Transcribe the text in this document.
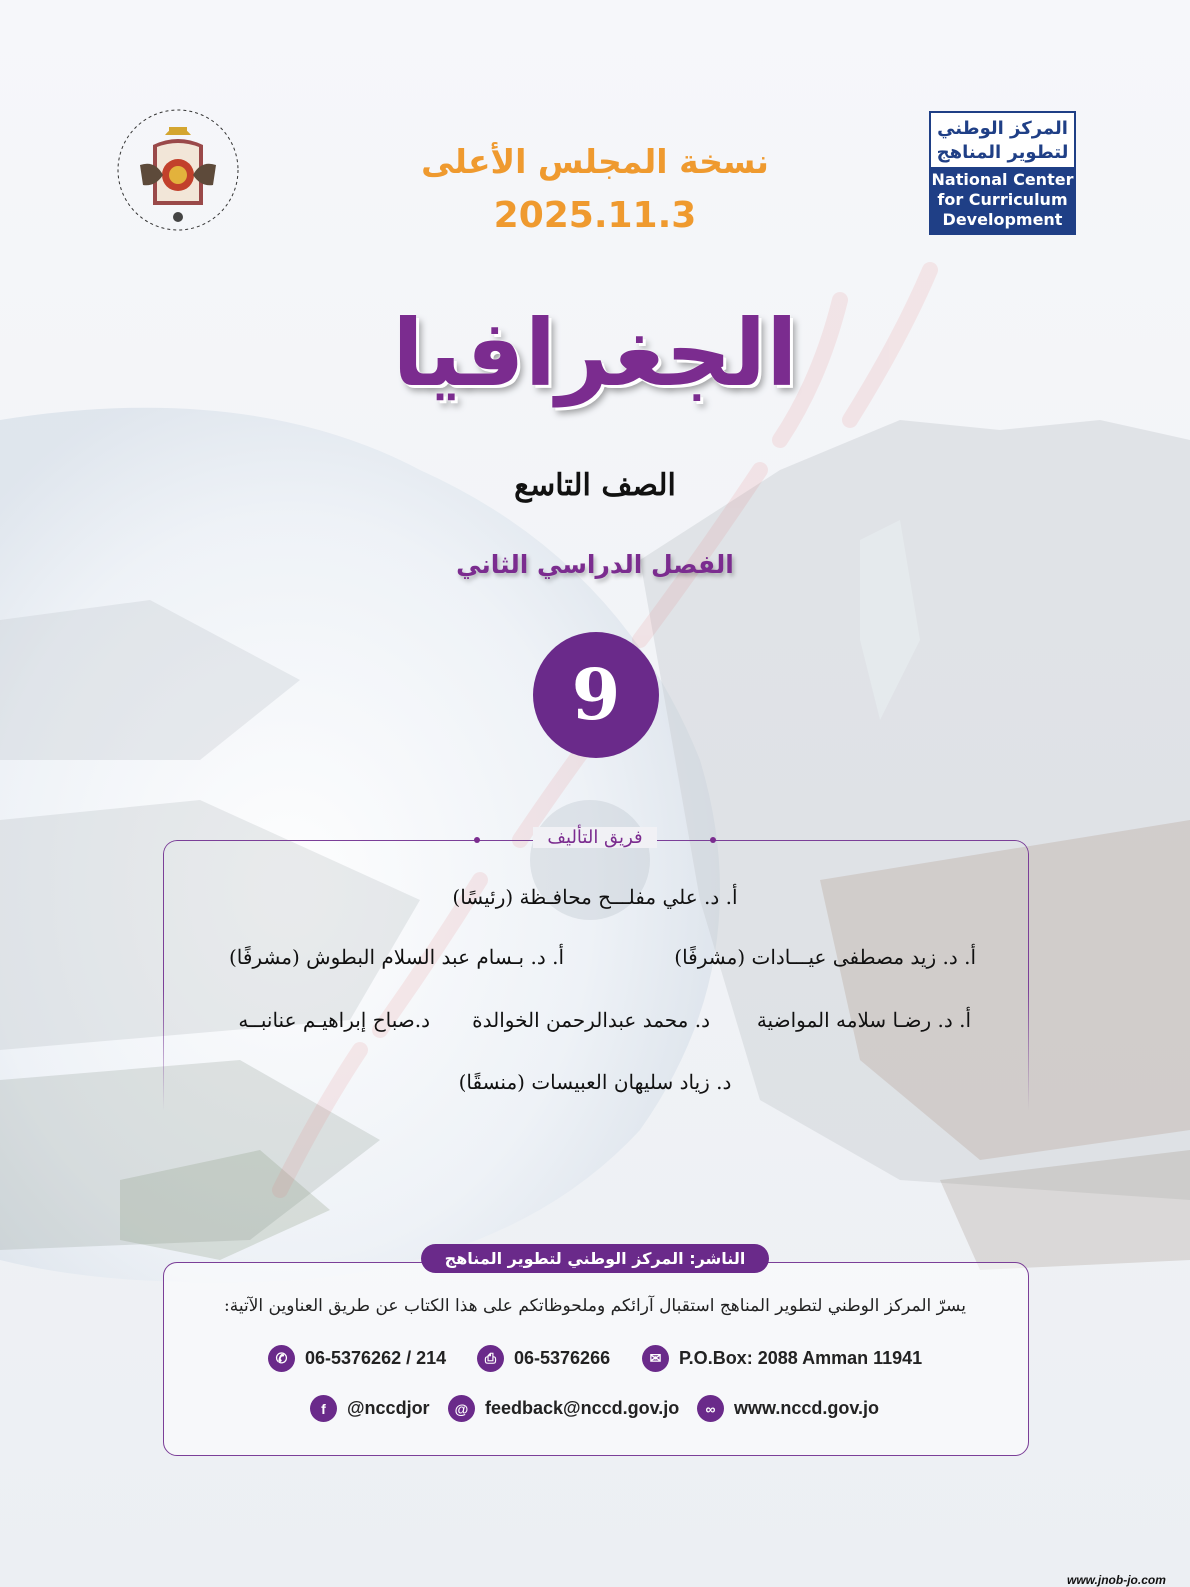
المركز الوطني
لتطوير المناهج
National Center
for Curriculum
Development
نسخة المجلس الأعلى
2025.11.3
الجغرافيا
الصف التاسع
الفصل الدراسي الثاني
9
فريق التأليف
أ. د. علي مفلـــح محافـظة (رئيسًا)
أ. د. زيد مصطفى عيـــادات (مشرفًا)
أ. د. بـسام عبد السلام البطوش (مشرفًا)
أ. د. رضـا سلامه المواضية
د. محمد عبدالرحمن الخوالدة
د.صباح إبراهيـم عنانبــه
د. زياد سليهان العبيسات (منسقًا)
الناشر: المركز الوطني لتطوير المناهج
يسرّ المركز الوطني لتطوير المناهج استقبال آرائكم وملحوظاتكم على هذا الكتاب عن طريق العناوين الآتية:
✆ 06-5376262 / 214	⎙ 06-5376266	✉ P.O.Box: 2088 Amman 11941
f	@nccdjor	@ feedback@nccd.gov.jo	∞	www.nccd.gov.jo
www.jnob-jo.com
